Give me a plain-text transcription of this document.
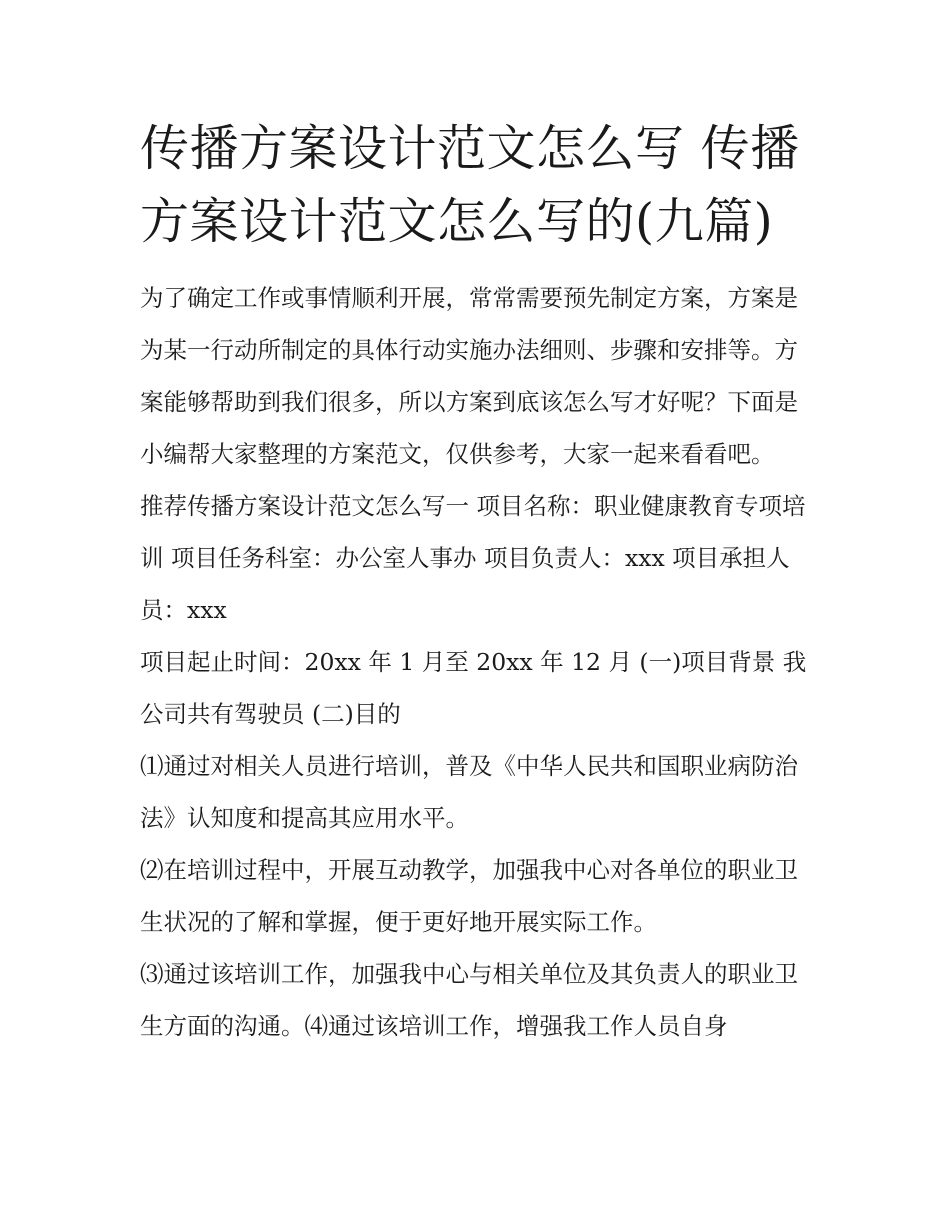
传播方案设计范文怎么写 传播方案设计范文怎么写的(九篇)

为了确定工作或事情顺利开展，常常需要预先制定方案，方案是为某一行动所制定的具体行动实施办法细则、步骤和安排等。方案能够帮助到我们很多，所以方案到底该怎么写才好呢？下面是小编帮大家整理的方案范文，仅供参考，大家一起来看看吧。

推荐传播方案设计范文怎么写一 项目名称：职业健康教育专项培训 项目任务科室：办公室人事办 项目负责人：xxx 项目承担人员：xxx

项目起止时间：20xx 年 1 月至 20xx 年 12 月 (一)项目背景 我公司共有驾驶员 (二)目的

⑴通过对相关人员进行培训，普及《中华人民共和国职业病防治法》认知度和提高其应用水平。

⑵在培训过程中，开展互动教学，加强我中心对各单位的职业卫生状况的了解和掌握，便于更好地开展实际工作。

⑶通过该培训工作，加强我中心与相关单位及其负责人的职业卫生方面的沟通。⑷通过该培训工作，增强我工作人员自身
